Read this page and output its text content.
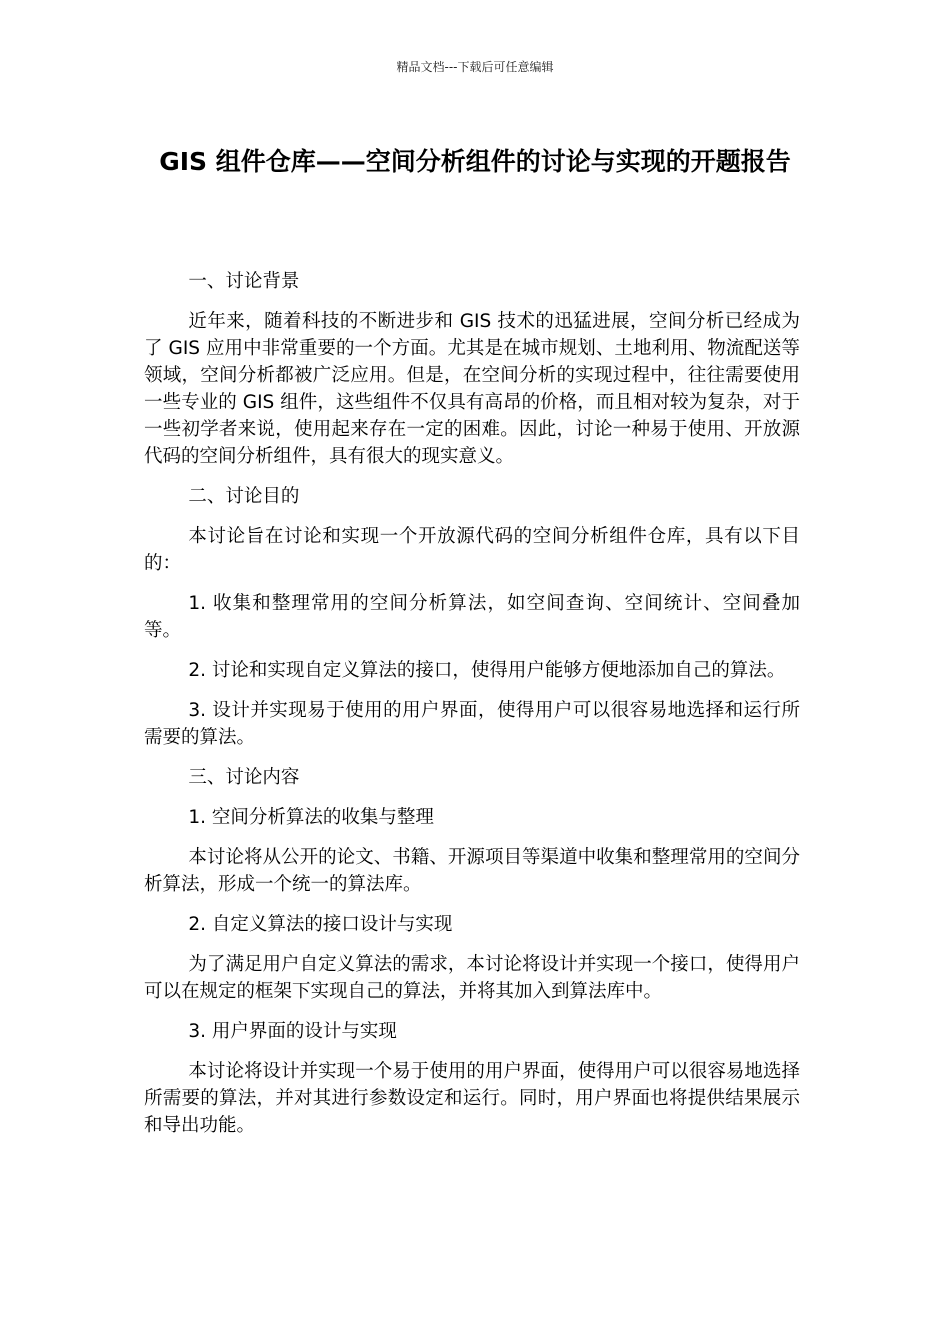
精品文档---下载后可任意编辑
GIS 组件仓库——空间分析组件的讨论与实现的开题报告

一、讨论背景

近年来，随着科技的不断进步和 GIS 技术的迅猛进展，空间分析已经成为了 GIS 应用中非常重要的一个方面。尤其是在城市规划、土地利用、物流配送等领域，空间分析都被广泛应用。但是，在空间分析的实现过程中，往往需要使用一些专业的 GIS 组件，这些组件不仅具有高昂的价格，而且相对较为复杂，对于一些初学者来说，使用起来存在一定的困难。因此，讨论一种易于使用、开放源代码的空间分析组件，具有很大的现实意义。

二、讨论目的

本讨论旨在讨论和实现一个开放源代码的空间分析组件仓库，具有以下目的：

1. 收集和整理常用的空间分析算法，如空间查询、空间统计、空间叠加等。

2. 讨论和实现自定义算法的接口，使得用户能够方便地添加自己的算法。

3. 设计并实现易于使用的用户界面，使得用户可以很容易地选择和运行所需要的算法。

三、讨论内容

1. 空间分析算法的收集与整理

本讨论将从公开的论文、书籍、开源项目等渠道中收集和整理常用的空间分析算法，形成一个统一的算法库。

2. 自定义算法的接口设计与实现

为了满足用户自定义算法的需求，本讨论将设计并实现一个接口，使得用户可以在规定的框架下实现自己的算法，并将其加入到算法库中。

3. 用户界面的设计与实现

本讨论将设计并实现一个易于使用的用户界面，使得用户可以很容易地选择所需要的算法，并对其进行参数设定和运行。同时，用户界面也将提供结果展示和导出功能。
